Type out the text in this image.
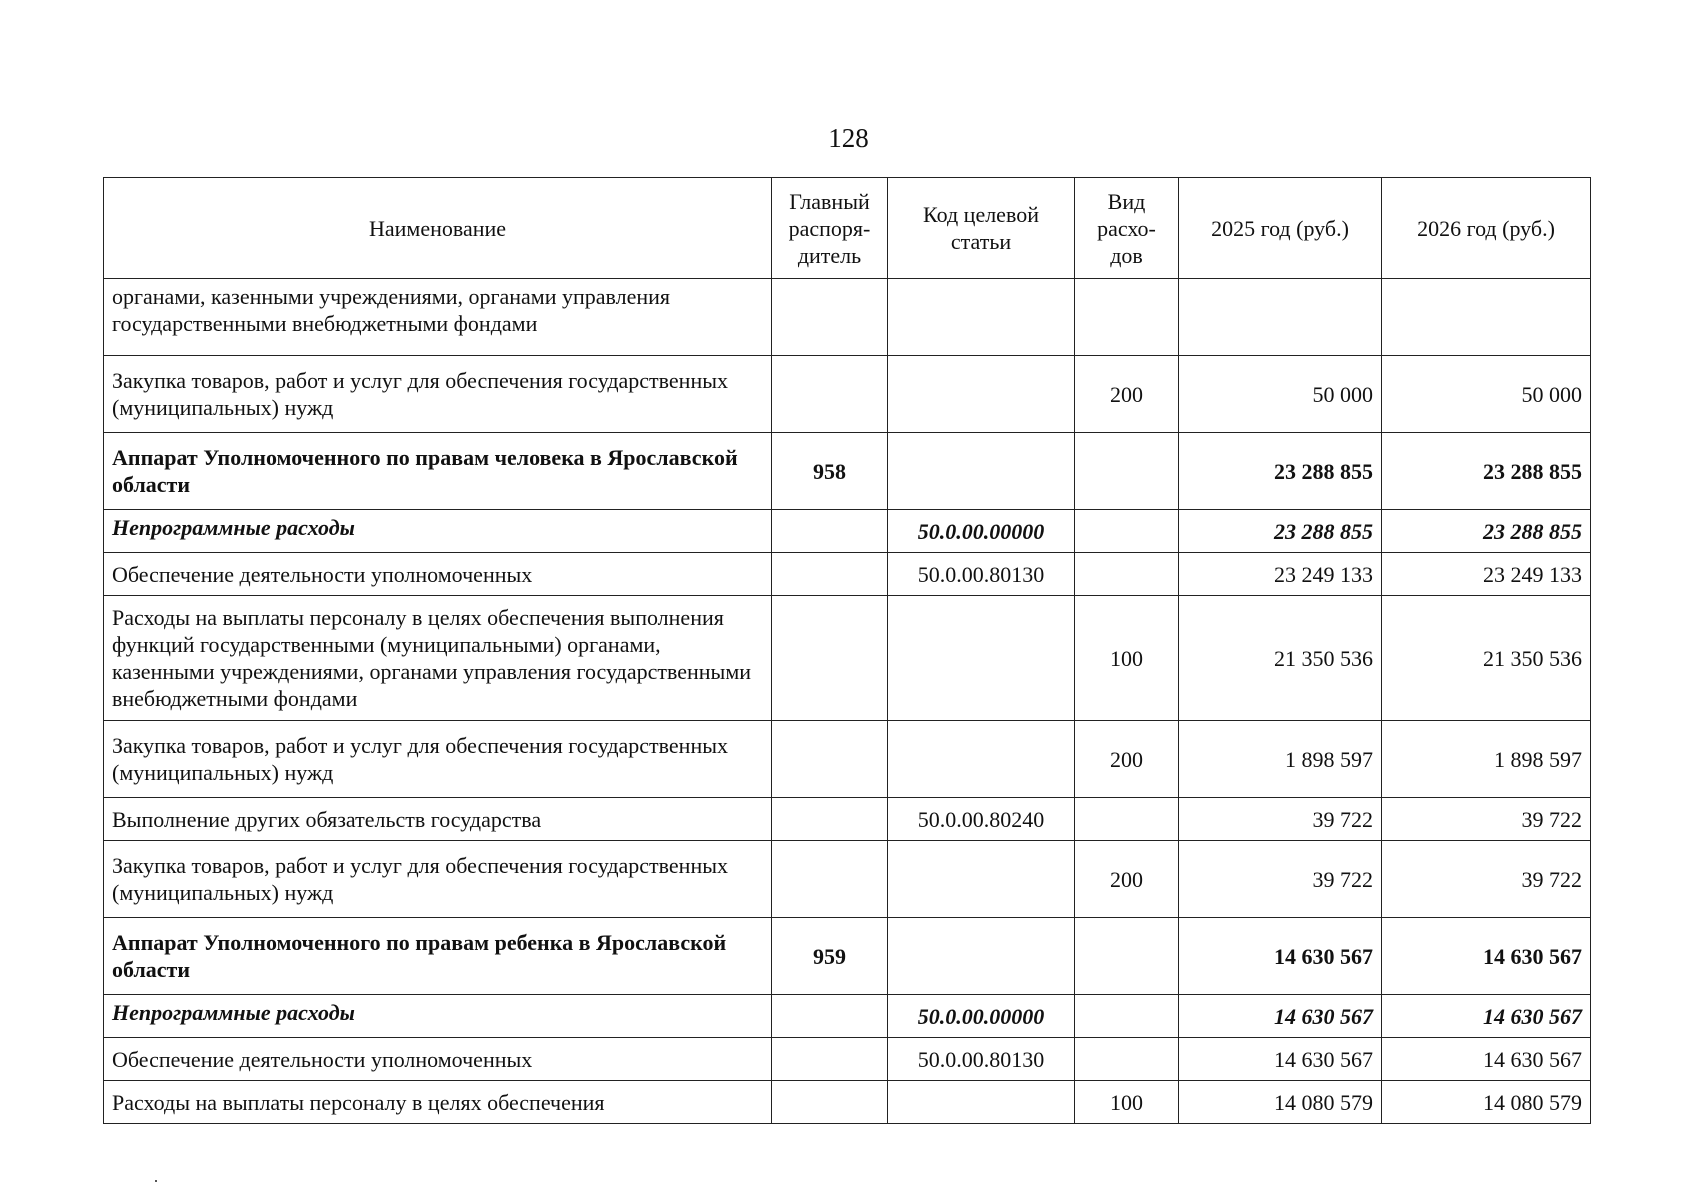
128
Наименование	Главный распоря-дитель	Код целевой статьи	Вид расхо-дов	2025 год (руб.)	2026 год (руб.)
органами, казенными учреждениями, органами управления государственными внебюджетными фондами					
Закупка товаров, работ и услуг для обеспечения государственных (муниципальных) нужд			200	50 000	50 000
Аппарат Уполномоченного по правам человека в Ярославской области	958			23 288 855	23 288 855
Непрограммные расходы		50.0.00.00000		23 288 855	23 288 855
Обеспечение деятельности уполномоченных		50.0.00.80130		23 249 133	23 249 133
Расходы на выплаты персоналу в целях обеспечения выполнения функций государственными (муниципальными) органами, казенными учреждениями, органами управления государственными внебюджетными фондами			100	21 350 536	21 350 536
Закупка товаров, работ и услуг для обеспечения государственных (муниципальных) нужд			200	1 898 597	1 898 597
Выполнение других обязательств государства		50.0.00.80240		39 722	39 722
Закупка товаров, работ и услуг для обеспечения государственных (муниципальных) нужд			200	39 722	39 722
Аппарат Уполномоченного по правам ребенка в Ярославской области	959			14 630 567	14 630 567
Непрограммные расходы		50.0.00.00000		14 630 567	14 630 567
Обеспечение деятельности уполномоченных		50.0.00.80130		14 630 567	14 630 567
Расходы на выплаты персоналу в целях обеспечения			100	14 080 579	14 080 579
